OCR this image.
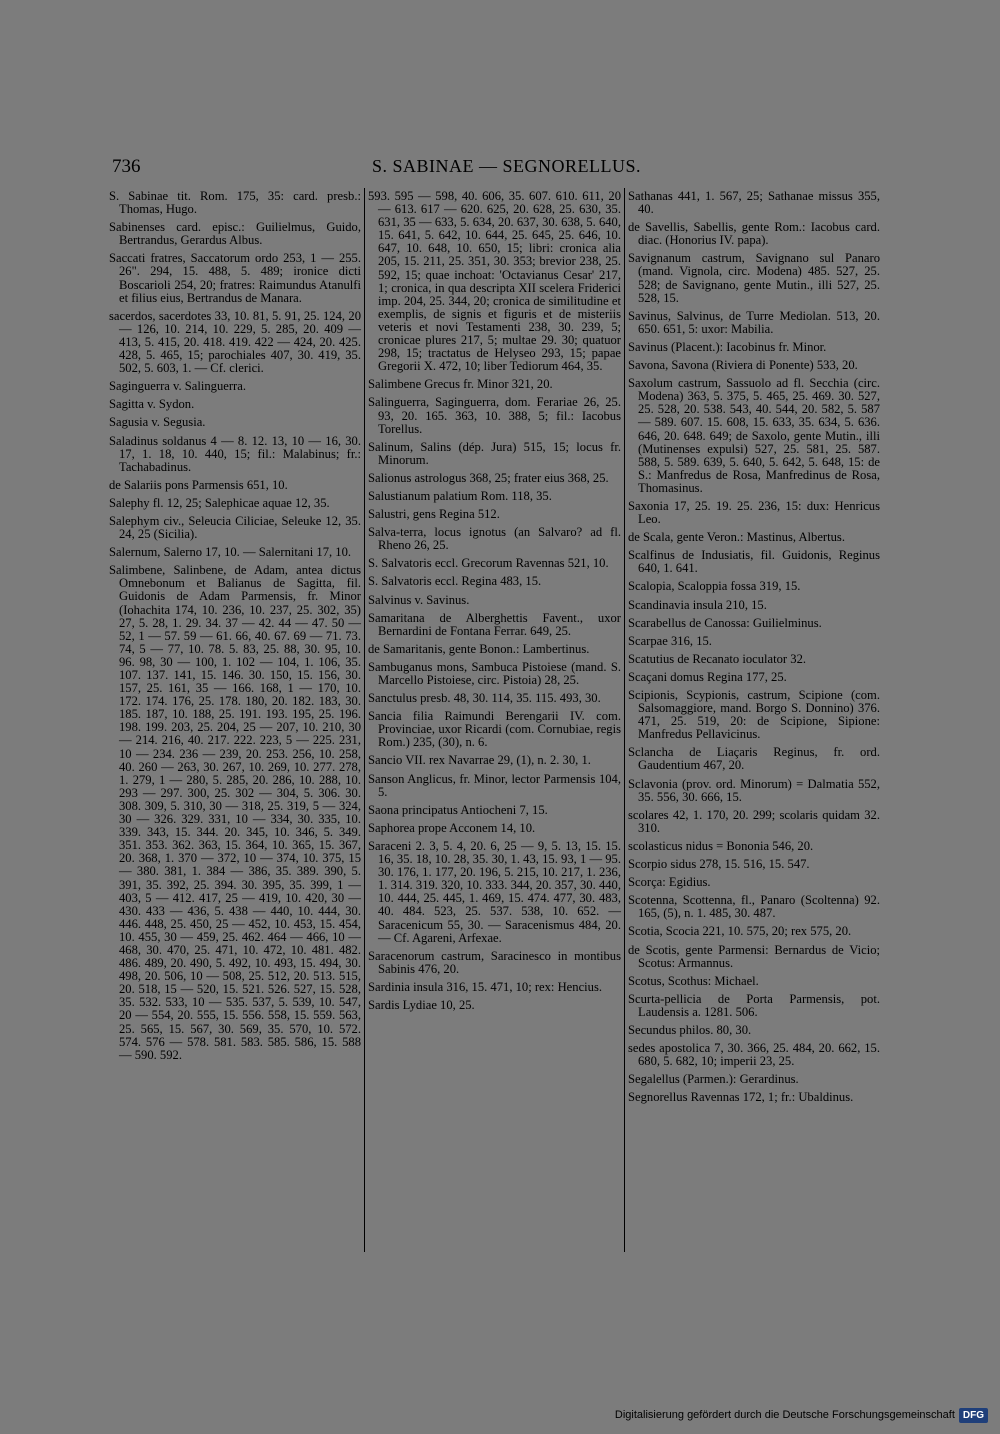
736	S. SABINAE — SEGNORELLUS.

S. Sabinae tit. Rom. 175, 35: card. presb.: Thomas, Hugo.

Sabinenses card. episc.: Guilielmus, Guido, Bertrandus, Gerardus Albus.

Saccati fratres, Saccatorum ordo 253, 1 — 255. 26". 294, 15. 488, 5. 489; ironice dicti Boscarioli 254, 20; fratres: Raimundus Atanulfi et filius eius, Bertrandus de Manara.

sacerdos, sacerdotes 33, 10. 81, 5. 91, 25. 124, 20 — 126, 10. 214, 10. 229, 5. 285, 20. 409 — 413, 5. 415, 20. 418. 419. 422 — 424, 20. 425. 428, 5. 465, 15; parochiales 407, 30. 419, 35. 502, 5. 603, 1. — Cf. clerici.

Saginguerra v. Salinguerra.

Sagitta v. Sydon.

Sagusia v. Segusia.

Saladinus soldanus 4 — 8. 12. 13, 10 — 16, 30. 17, 1. 18, 10. 440, 15; fil.: Malabinus; fr.: Tachabadinus.

de Salariis pons Parmensis 651, 10.

Salephy fl. 12, 25; Salephicae aquae 12, 35.

Salephym civ., Seleucia Ciliciae, Seleuke 12, 35. 24, 25 (Sicilia).

Salernum, Salerno 17, 10. — Salernitani 17, 10.

Salimbene, Salinbene, de Adam, antea dictus Omnebonum et Balianus de Sagitta, fil. Guidonis de Adam Parmensis, fr. Minor (Iohachita 174, 10. 236, 10. 237, 25. 302, 35) 27, 5. 28, 1. 29. 34. 37 — 42. 44 — 47. 50 — 52, 1 — 57. 59 — 61. 66, 40. 67. 69 — 71. 73. 74, 5 — 77, 10. 78. 5. 83, 25. 88, 30. 95, 10. 96. 98, 30 — 100, 1. 102 — 104, 1. 106, 35. 107. 137. 141, 15. 146. 30. 150, 15. 156, 30. 157, 25. 161, 35 — 166. 168, 1 — 170, 10. 172. 174. 176, 25. 178. 180, 20. 182. 183, 30. 185. 187, 10. 188, 25. 191. 193. 195, 25. 196. 198. 199. 203, 25. 204, 25 — 207, 10. 210, 30 — 214. 216, 40. 217. 222. 223, 5 — 225. 231, 10 — 234. 236 — 239, 20. 253. 256, 10. 258, 40. 260 — 263, 30. 267, 10. 269, 10. 277. 278, 1. 279, 1 — 280, 5. 285, 20. 286, 10. 288, 10. 293 — 297. 300, 25. 302 — 304, 5. 306. 30. 308. 309, 5. 310, 30 — 318, 25. 319, 5 — 324, 30 — 326. 329. 331, 10 — 334, 30. 335, 10. 339. 343, 15. 344. 20. 345, 10. 346, 5. 349. 351. 353. 362. 363, 15. 364, 10. 365, 15. 367, 20. 368, 1. 370 — 372, 10 — 374, 10. 375, 15 — 380. 381, 1. 384 — 386, 35. 389. 390, 5. 391, 35. 392, 25. 394. 30. 395, 35. 399, 1 — 403, 5 — 412. 417, 25 — 419, 10. 420, 30 — 430. 433 — 436, 5. 438 — 440, 10. 444, 30. 446. 448, 25. 450, 25 — 452, 10. 453, 15. 454, 10. 455, 30 — 459, 25. 462. 464 — 466, 10 — 468, 30. 470, 25. 471, 10. 472, 10. 481. 482. 486. 489, 20. 490, 5. 492, 10. 493, 15. 494, 30. 498, 20. 506, 10 — 508, 25. 512, 20. 513. 515, 20. 518, 15 — 520, 15. 521. 526. 527, 15. 528, 35. 532. 533, 10 — 535. 537, 5. 539, 10. 547, 20 — 554, 20. 555, 15. 556. 558, 15. 559. 563, 25. 565, 15. 567, 30. 569, 35. 570, 10. 572. 574. 576 — 578. 581. 583. 585. 586, 15. 588 — 590. 592.

593. 595 — 598, 40. 606, 35. 607. 610. 611, 20 — 613. 617 — 620. 625, 20. 628, 25. 630, 35. 631, 35 — 633, 5. 634, 20. 637, 30. 638, 5. 640, 15. 641, 5. 642, 10. 644, 25. 645, 25. 646, 10. 647, 10. 648, 10. 650, 15; libri: cronica alia 205, 15. 211, 25. 351, 30. 353; brevior 238, 25. 592, 15; quae inchoat: 'Octavianus Cesar' 217, 1; cronica, in qua descripta XII scelera Friderici imp. 204, 25. 344, 20; cronica de similitudine et exemplis, de signis et figuris et de misteriis veteris et novi Testamenti 238, 30. 239, 5; cronicae plures 217, 5; multae 29. 30; quatuor 298, 15; tractatus de Helyseo 293, 15; papae Gregorii X. 472, 10; liber Tediorum 464, 35.

Salimbene Grecus fr. Minor 321, 20.

Salinguerra, Saginguerra, dom. Ferariae 26, 25. 93, 20. 165. 363, 10. 388, 5; fil.: Iacobus Torellus.

Salinum, Salins (dép. Jura) 515, 15; locus fr. Minorum.

Salionus astrologus 368, 25; frater eius 368, 25.

Salustianum palatium Rom. 118, 35.

Salustri, gens Regina 512.

Salva-terra, locus ignotus (an Salvaro? ad fl. Rheno 26, 25.

S. Salvatoris eccl. Grecorum Ravennas 521, 10.

S. Salvatoris eccl. Regina 483, 15.

Salvinus v. Savinus.

Samaritana de Alberghettis Favent., uxor Bernardini de Fontana Ferrar. 649, 25.

de Samaritanis, gente Bonon.: Lambertinus.

Sambuganus mons, Sambuca Pistoiese (mand. S. Marcello Pistoiese, circ. Pistoia) 28, 25.

Sanctulus presb. 48, 30. 114, 35. 115. 493, 30.

Sancia filia Raimundi Berengarii IV. com. Provinciae, uxor Ricardi (com. Cornubiae, regis Rom.) 235, (30), n. 6.

Sancio VII. rex Navarrae 29, (1), n. 2. 30, 1.

Sanson Anglicus, fr. Minor, lector Parmensis 104, 5.

Saona principatus Antiocheni 7, 15.

Saphorea prope Acconem 14, 10.

Saraceni 2. 3, 5. 4, 20. 6, 25 — 9, 5. 13, 15. 15. 16, 35. 18, 10. 28, 35. 30, 1. 43, 15. 93, 1 — 95. 30. 176, 1. 177, 20. 196, 5. 215, 10. 217, 1. 236, 1. 314. 319. 320, 10. 333. 344, 20. 357, 30. 440, 10. 444, 25. 445, 1. 469, 15. 474. 477, 30. 483, 40. 484. 523, 25. 537. 538, 10. 652. — Saracenicum 55, 30. — Saracenismus 484, 20. — Cf. Agareni, Arfexae.

Saracenorum castrum, Saracinesco in montibus Sabinis 476, 20.

Sardinia insula 316, 15. 471, 10; rex: Hencius.

Sardis Lydiae 10, 25.

Sathanas 441, 1. 567, 25; Sathanae missus 355, 40.

de Savellis, Sabellis, gente Rom.: Iacobus card. diac. (Honorius IV. papa).

Savignanum castrum, Savignano sul Panaro (mand. Vignola, circ. Modena) 485. 527, 25. 528; de Savignano, gente Mutin., illi 527, 25. 528, 15.

Savinus, Salvinus, de Turre Mediolan. 513, 20. 650. 651, 5: uxor: Mabilia.

Savinus (Placent.): Iacobinus fr. Minor.

Savona, Savona (Riviera di Ponente) 533, 20.

Saxolum castrum, Sassuolo ad fl. Secchia (circ. Modena) 363, 5. 375, 5. 465, 25. 469. 30. 527, 25. 528, 20. 538. 543, 40. 544, 20. 582, 5. 587 — 589. 607. 15. 608, 15. 633, 35. 634, 5. 636. 646, 20. 648. 649; de Saxolo, gente Mutin., illi (Mutinenses expulsi) 527, 25. 581, 25. 587. 588, 5. 589. 639, 5. 640, 5. 642, 5. 648, 15: de S.: Manfredus de Rosa, Manfredinus de Rosa, Thomasinus.

Saxonia 17, 25. 19. 25. 236, 15: dux: Henricus Leo.

de Scala, gente Veron.: Mastinus, Albertus.

Scalfinus de Indusiatis, fil. Guidonis, Reginus 640, 1. 641.

Scalopia, Scaloppia fossa 319, 15.

Scandinavia insula 210, 15.

Scarabellus de Canossa: Guilielminus.

Scarpae 316, 15.

Scatutius de Recanato ioculator 32.

Scaçani domus Regina 177, 25.

Scipionis, Scypionis, castrum, Scipione (com. Salsomaggiore, mand. Borgo S. Donnino) 376. 471, 25. 519, 20: de Scipione, Sipione: Manfredus Pellavicinus.

Sclancha de Liaçaris Reginus, fr. ord. Gaudentium 467, 20.

Sclavonia (prov. ord. Minorum) = Dalmatia 552, 35. 556, 30. 666, 15.

scolares 42, 1. 170, 20. 299; scolaris quidam 32. 310.

scolasticus nidus = Bononia 546, 20.

Scorpio sidus 278, 15. 516, 15. 547.

Scorça: Egidius.

Scotenna, Scottenna, fl., Panaro (Scoltenna) 92. 165, (5), n. 1. 485, 30. 487.

Scotia, Scocia 221, 10. 575, 20; rex 575, 20.

de Scotis, gente Parmensi: Bernardus de Vicio; Scotus: Armannus.

Scotus, Scothus: Michael.

Scurta-pellicia de Porta Parmensis, pot. Laudensis a. 1281. 506.

Secundus philos. 80, 30.

sedes apostolica 7, 30. 366, 25. 484, 20. 662, 15. 680, 5. 682, 10; imperii 23, 25.

Segalellus (Parmen.): Gerardinus.

Segnorellus Ravennas 172, 1; fr.: Ubaldinus.

Digitalisierung gefördert durch die Deutsche Forschungsgemeinschaft DFG
